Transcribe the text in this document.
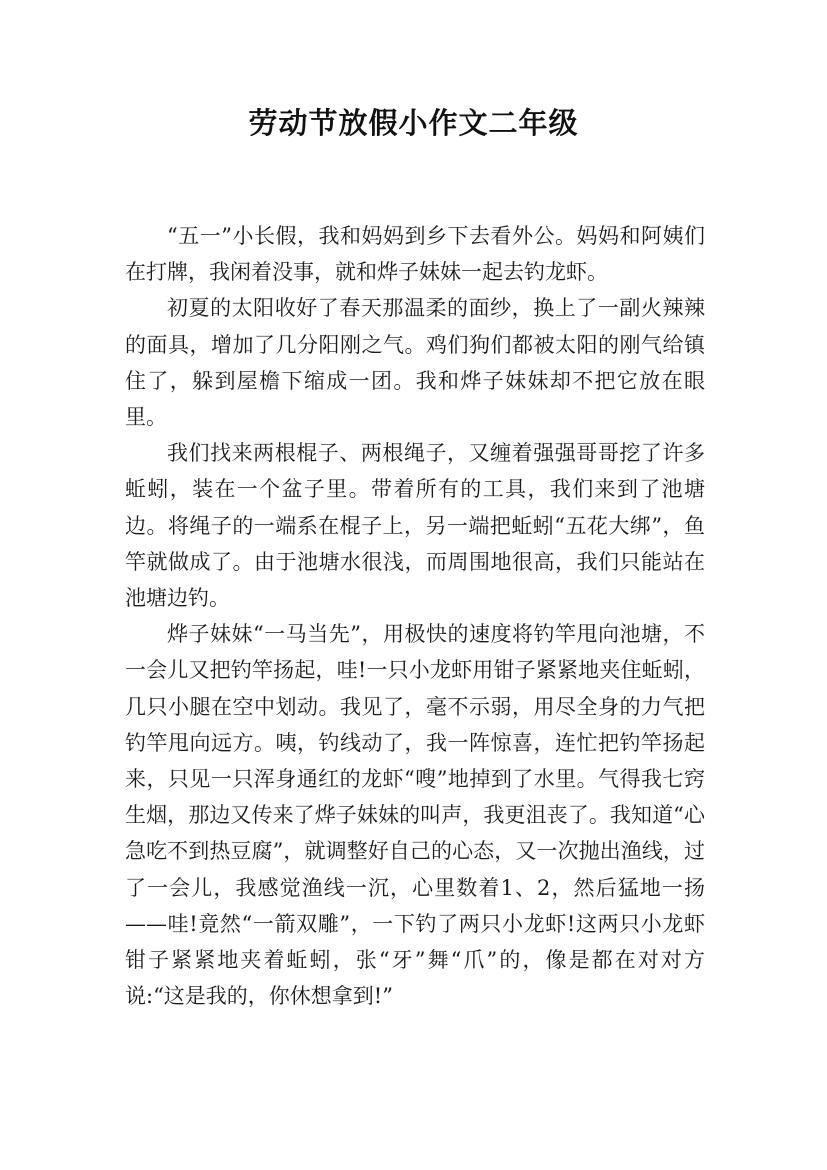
劳动节放假小作文二年级

“五一”小长假，我和妈妈到乡下去看外公。妈妈和阿姨们在打牌，我闲着没事，就和烨子妹妹一起去钓龙虾。

初夏的太阳收好了春天那温柔的面纱，换上了一副火辣辣的面具，增加了几分阳刚之气。鸡们狗们都被太阳的刚气给镇住了，躲到屋檐下缩成一团。我和烨子妹妹却不把它放在眼里。

我们找来两根棍子、两根绳子，又缠着强强哥哥挖了许多蚯蚓，装在一个盆子里。带着所有的工具，我们来到了池塘边。将绳子的一端系在棍子上，另一端把蚯蚓“五花大绑”，鱼竿就做成了。由于池塘水很浅，而周围地很高，我们只能站在池塘边钓。

烨子妹妹“一马当先”，用极快的速度将钓竿甩向池塘，不一会儿又把钓竿扬起，哇!一只小龙虾用钳子紧紧地夹住蚯蚓，几只小腿在空中划动。我见了，毫不示弱，用尽全身的力气把钓竿甩向远方。咦，钓线动了，我一阵惊喜，连忙把钓竿扬起来，只见一只浑身通红的龙虾“嗖”地掉到了水里。气得我七窍生烟，那边又传来了烨子妹妹的叫声，我更沮丧了。我知道“心急吃不到热豆腐”，就调整好自己的心态，又一次抛出渔线，过了一会儿，我感觉渔线一沉，心里数着1、2，然后猛地一扬——哇!竟然“一箭双雕”，一下钓了两只小龙虾!这两只小龙虾钳子紧紧地夹着蚯蚓，张“牙”舞“爪”的，像是都在对对方说:“这是我的，你休想拿到!”
